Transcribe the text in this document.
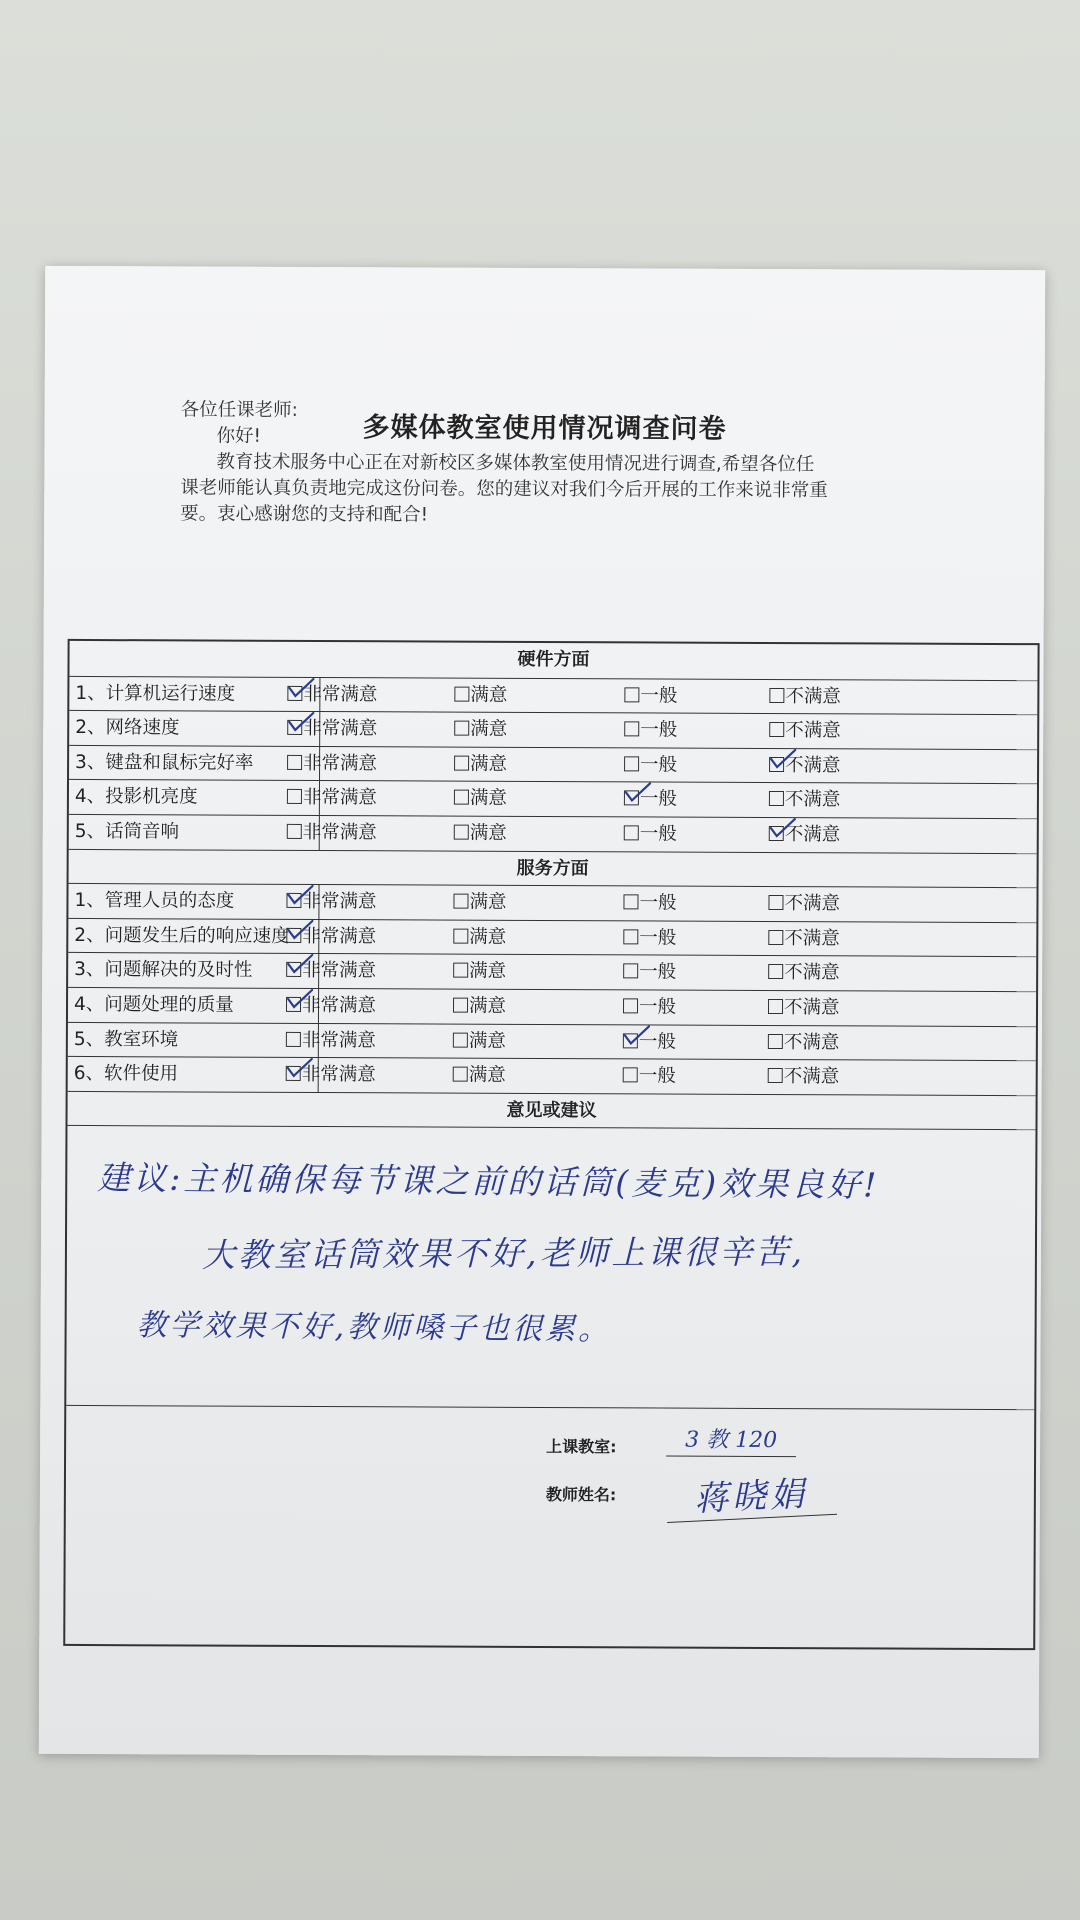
多媒体教室使用情况调查问卷
各位任课老师:
你好!
教育技术服务中心正在对新校区多媒体教室使用情况进行调查,希望各位任
课老师能认真负责地完成这份问卷。您的建议对我们今后开展的工作来说非常重
要。衷心感谢您的支持和配合!
硬件方面
1、计算机运行速度	非常满意	满意	一般	不满意
2、网络速度	非常满意	满意	一般	不满意
3、键盘和鼠标完好率	非常满意	满意	一般	不满意
4、投影机亮度	非常满意	满意	一般	不满意
5、话筒音响	非常满意	满意	一般	不满意
服务方面
1、管理人员的态度	非常满意	满意	一般	不满意
2、问题发生后的响应速度 非常满意	满意	一般	不满意
3、问题解决的及时性	非常满意	满意	一般	不满意
4、问题处理的质量	非常满意	满意	一般	不满意
5、教室环境	非常满意	满意	一般	不满意
6、软件使用	非常满意	满意	一般	不满意
意见或建议
建议:主机确保每节课之前的话筒(麦克)效果良好!
大教室话筒效果不好,老师上课很辛苦,
教学效果不好,教师嗓子也很累。
上课教室:	3 教 120
教师姓名:	蒋晓娟
